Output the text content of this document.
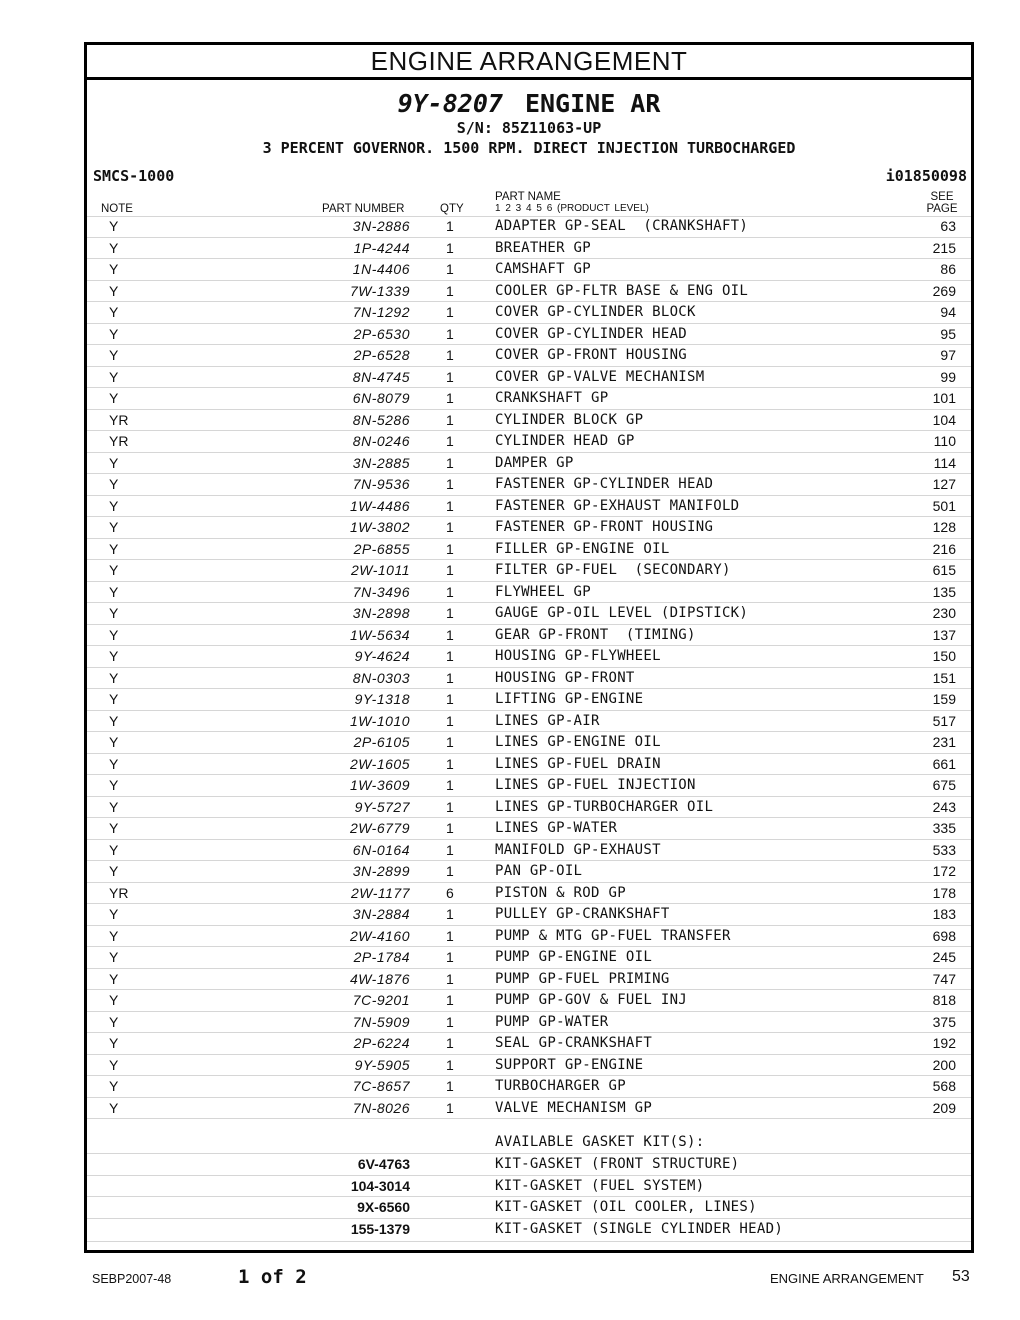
ENGINE ARRANGEMENT
9Y-8207 ENGINE AR
S/N: 85Z11063-UP
3 PERCENT GOVERNOR. 1500 RPM. DIRECT INJECTION TURBOCHARGED
SMCS-1000	i01850098
NOTE	PART NUMBER	QTY
PART NAME
1 2 3 4 5 6 (PRODUCT LEVEL)
SEE
PAGE
Y	3N-2886	1	ADAPTER GP-SEAL  (CRANKSHAFT)	63
Y	1P-4244	1	BREATHER GP	215
Y	1N-4406	1	CAMSHAFT GP	86
Y	7W-1339	1	COOLER GP-FLTR BASE & ENG OIL	269
Y	7N-1292	1	COVER GP-CYLINDER BLOCK	94
Y	2P-6530	1	COVER GP-CYLINDER HEAD	95
Y	2P-6528	1	COVER GP-FRONT HOUSING	97
Y	8N-4745	1	COVER GP-VALVE MECHANISM	99
Y	6N-8079	1	CRANKSHAFT GP	101
YR	8N-5286	1	CYLINDER BLOCK GP	104
YR	8N-0246	1	CYLINDER HEAD GP	110
Y	3N-2885	1	DAMPER GP	114
Y	7N-9536	1	FASTENER GP-CYLINDER HEAD	127
Y	1W-4486	1	FASTENER GP-EXHAUST MANIFOLD	501
Y	1W-3802	1	FASTENER GP-FRONT HOUSING	128
Y	2P-6855	1	FILLER GP-ENGINE OIL	216
Y	2W-1011	1	FILTER GP-FUEL  (SECONDARY)	615
Y	7N-3496	1	FLYWHEEL GP	135
Y	3N-2898	1	GAUGE GP-OIL LEVEL (DIPSTICK)	230
Y	1W-5634	1	GEAR GP-FRONT  (TIMING)	137
Y	9Y-4624	1	HOUSING GP-FLYWHEEL	150
Y	8N-0303	1	HOUSING GP-FRONT	151
Y	9Y-1318	1	LIFTING GP-ENGINE	159
Y	1W-1010	1	LINES GP-AIR	517
Y	2P-6105	1	LINES GP-ENGINE OIL	231
Y	2W-1605	1	LINES GP-FUEL DRAIN	661
Y	1W-3609	1	LINES GP-FUEL INJECTION	675
Y	9Y-5727	1	LINES GP-TURBOCHARGER OIL	243
Y	2W-6779	1	LINES GP-WATER	335
Y	6N-0164	1	MANIFOLD GP-EXHAUST	533
Y	3N-2899	1	PAN GP-OIL	172
YR	2W-1177	6	PISTON & ROD GP	178
Y	3N-2884	1	PULLEY GP-CRANKSHAFT	183
Y	2W-4160	1	PUMP & MTG GP-FUEL TRANSFER	698
Y	2P-1784	1	PUMP GP-ENGINE OIL	245
Y	4W-1876	1	PUMP GP-FUEL PRIMING	747
Y	7C-9201	1	PUMP GP-GOV & FUEL INJ	818
Y	7N-5909	1	PUMP GP-WATER	375
Y	2P-6224	1	SEAL GP-CRANKSHAFT	192
Y	9Y-5905	1	SUPPORT GP-ENGINE	200
Y	7C-8657	1	TURBOCHARGER GP	568
Y	7N-8026	1	VALVE MECHANISM GP	209
AVAILABLE GASKET KIT(S):
6V-4763	KIT-GASKET (FRONT STRUCTURE)
104-3014	KIT-GASKET (FUEL SYSTEM)
9X-6560	KIT-GASKET (OIL COOLER, LINES)
155-1379	KIT-GASKET (SINGLE CYLINDER HEAD)
SEBP2007-48	1 of 2	ENGINE ARRANGEMENT 53
